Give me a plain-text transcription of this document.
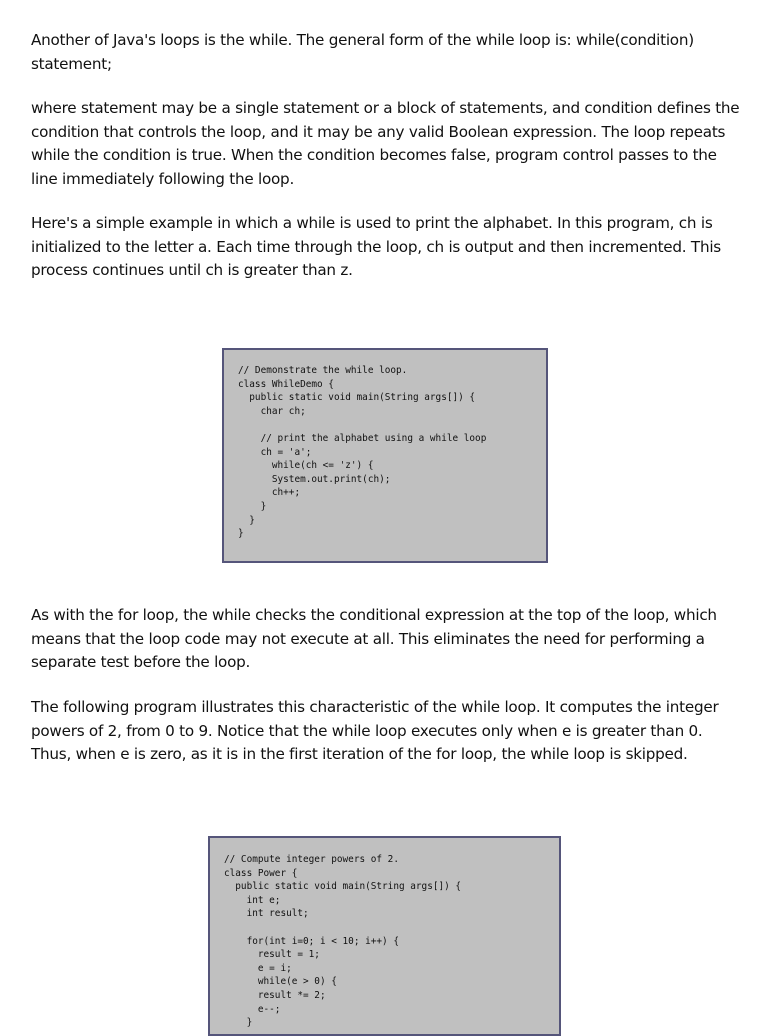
Another of Java's loops is the while. The general form of the while loop is: while(condition) statement;

where statement may be a single statement or a block of statements, and condition defines the condition that controls the loop, and it may be any valid Boolean expression. The loop repeats while the condition is true. When the condition becomes false, program control passes to the line immediately following the loop.

Here's a simple example in which a while is used to print the alphabet. In this program, ch is initialized to the letter a. Each time through the loop, ch is output and then incremented. This process continues until ch is greater than z.

// Demonstrate the while loop.
class WhileDemo {
public static void main(String args[]) {
char ch;

// print the alphabet using a while loop
ch = 'a';
while(ch <= 'z') {
System.out.print(ch);
ch++;
}
}
}

As with the for loop, the while checks the conditional expression at the top of the loop, which means that the loop code may not execute at all. This eliminates the need for performing a separate test before the loop.

The following program illustrates this characteristic of the while loop. It computes the integer powers of 2, from 0 to 9. Notice that the while loop executes only when e is greater than 0. Thus, when e is zero, as it is in the first iteration of the for loop, the while loop is skipped.

// Compute integer powers of 2.
class Power {
public static void main(String args[]) {
int e;
int result;

for(int i=0; i < 10; i++) {
result = 1;
e = i;
while(e > 0) {
result *= 2;
e--;
}
